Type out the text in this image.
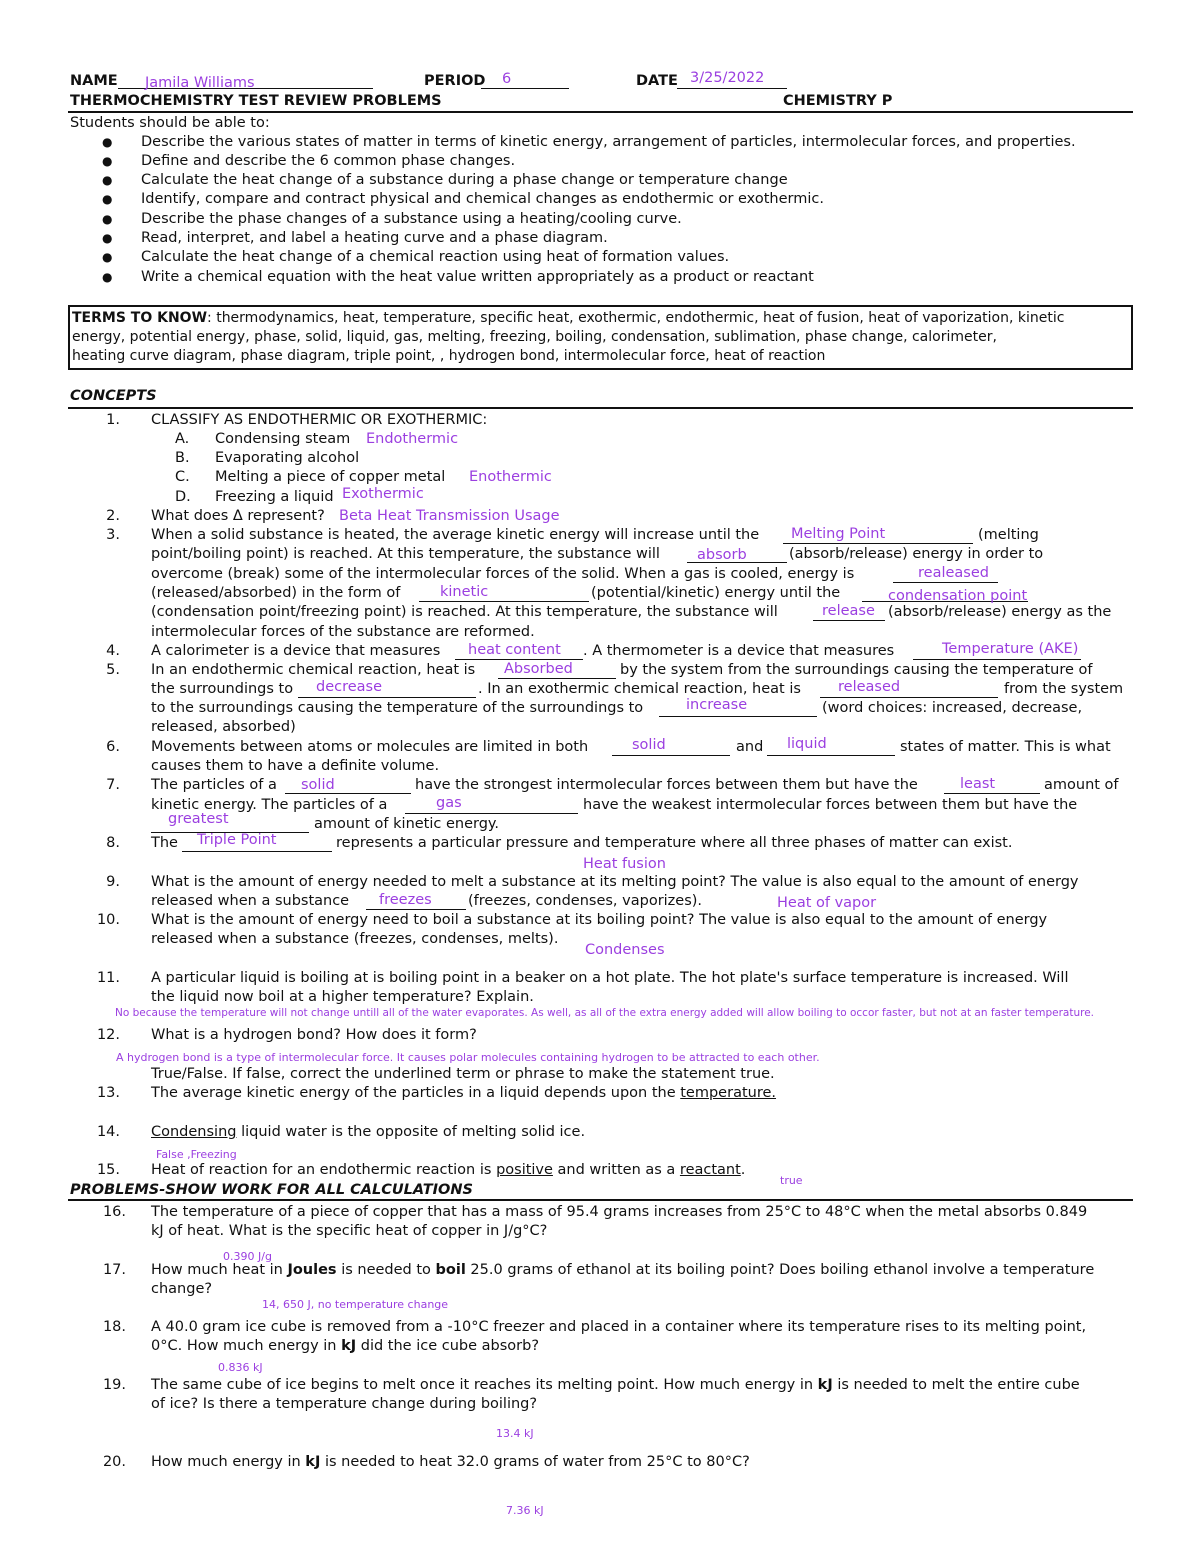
NAME Jamila Williams	PERIOD 6	DATE 3/25/2022
THERMOCHEMISTRY TEST REVIEW PROBLEMS	CHEMISTRY P
Students should be able to:
● Describe the various states of matter in terms of kinetic energy, arrangement of particles, intermolecular forces, and properties.
● Define and describe the 6 common phase changes.
● Calculate the heat change of a substance during a phase change or temperature change
● Identify, compare and contract physical and chemical changes as endothermic or exothermic.
● Describe the phase changes of a substance using a heating/cooling curve.
● Read, interpret, and label a heating curve and a phase diagram.
● Calculate the heat change of a chemical reaction using heat of formation values.
● Write a chemical equation with the heat value written appropriately as a product or reactant
TERMS TO KNOW: thermodynamics, heat, temperature, specific heat, exothermic, endothermic, heat of fusion, heat of vaporization, kinetic
energy, potential energy, phase, solid, liquid, gas, melting, freezing, boiling, condensation, sublimation, phase change, calorimeter,
heating curve diagram, phase diagram, triple point, , hydrogen bond, intermolecular force, heat of reaction
CONCEPTS
1. CLASSIFY AS ENDOTHERMIC OR EXOTHERMIC:
A. Condensing steam Endothermic
B. Evaporating alcohol
C. Melting a piece of copper metal Enothermic
D. Freezing a liquid Exothermic
2. What does Δ represent? Beta Heat Transmission Usage
3. When a solid substance is heated, the average kinetic energy will increase until the Melting Point	(melting
point/boiling point) is reached. At this temperature, the substance will	absorb	(absorb/release) energy in order to
overcome (break) some of the intermolecular forces of the solid. When a gas is cooled, energy is	realeased
(released/absorbed) in the form of	kinetic	(potential/kinetic) energy until the	condensation point
(condensation point/freezing point) is reached. At this temperature, the substance will	release (absorb/release) energy as the
intermolecular forces of the substance are reformed.
4. A calorimeter is a device that measures heat content . A thermometer is a device that measures	Temperature (AKE)
5. In an endothermic chemical reaction, heat is Absorbed	by the system from the surroundings causing the temperature of
the surroundings to decrease	. In an exothermic chemical reaction, heat is	released	from the system
to the surroundings causing the temperature of the surroundings to	increase	(word choices: increased, decrease,
released, absorbed)
6. Movements between atoms or molecules are limited in both	solid	and liquid	states of matter. This is what
causes them to have a definite volume.
7. The particles of a solid	have the strongest intermolecular forces between them but have the	least	amount of
kinetic energy. The particles of a	gas	have the weakest intermolecular forces between them but have the
greatest	amount of kinetic energy.
8. The Triple Point	represents a particular pressure and temperature where all three phases of matter can exist.
Heat fusion
9. What is the amount of energy needed to melt a substance at its melting point? The value is also equal to the amount of energy
released when a substance freezes	(freezes, condenses, vaporizes).	Heat of vapor
10. What is the amount of energy need to boil a substance at its boiling point? The value is also equal to the amount of energy
released when a substance (freezes, condenses, melts).
Condenses
11. A particular liquid is boiling at is boiling point in a beaker on a hot plate. The hot plate's surface temperature is increased. Will
the liquid now boil at a higher temperature? Explain.
No because the temperature will not change untill all of the water evaporates. As well, as all of the extra energy added will allow boiling to occor faster, but not at an faster temperature.
12. What is a hydrogen bond? How does it form?
A hydrogen bond is a type of intermolecular force. It causes polar molecules containing hydrogen to be attracted to each other.
True/False. If false, correct the underlined term or phrase to make the statement true.
13. The average kinetic energy of the particles in a liquid depends upon the temperature.
14. Condensing liquid water is the opposite of melting solid ice.
False ,Freezing
15. Heat of reaction for an endothermic reaction is positive and written as a reactant.
true
PROBLEMS-SHOW WORK FOR ALL CALCULATIONS
16. The temperature of a piece of copper that has a mass of 95.4 grams increases from 25°C to 48°C when the metal absorbs 0.849
kJ of heat. What is the specific heat of copper in J/g°C?
0.390 J/g
17. How much heat in Joules is needed to boil 25.0 grams of ethanol at its boiling point? Does boiling ethanol involve a temperature
change?
14, 650 J, no temperature change
18. A 40.0 gram ice cube is removed from a -10°C freezer and placed in a container where its temperature rises to its melting point,
0°C. How much energy in kJ did the ice cube absorb?
0.836 kJ
19. The same cube of ice begins to melt once it reaches its melting point. How much energy in kJ is needed to melt the entire cube
of ice? Is there a temperature change during boiling?
13.4 kJ
20. How much energy in kJ is needed to heat 32.0 grams of water from 25°C to 80°C?
7.36 kJ
